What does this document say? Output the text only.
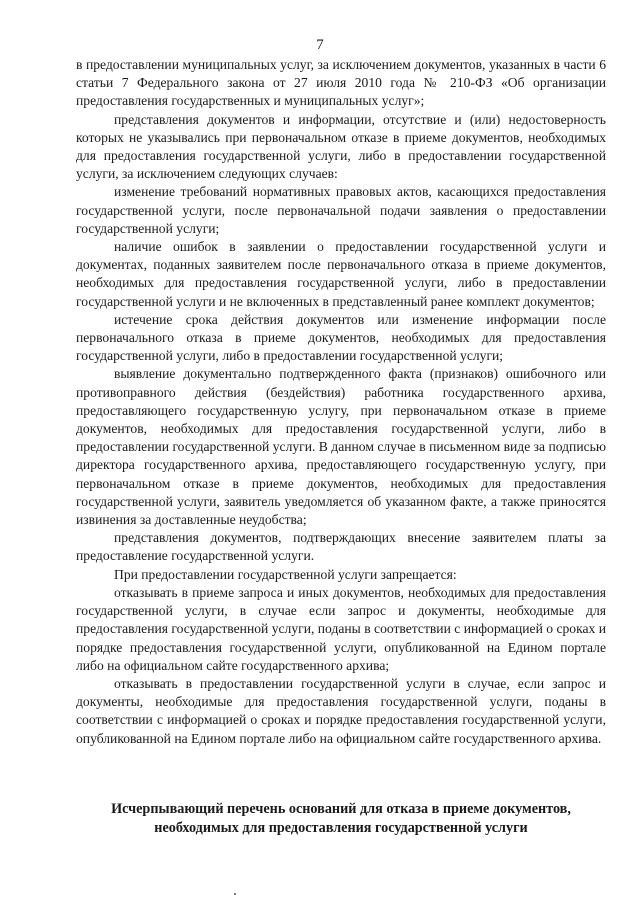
7

в предоставлении муниципальных услуг, за исключением документов, указанных в части 6 статьи 7 Федерального закона от 27 июля 2010 года № 210-ФЗ «Об организации предоставления государственных и муниципальных услуг»;

представления документов и информации, отсутствие и (или) недостоверность которых не указывались при первоначальном отказе в приеме документов, необходимых для предоставления государственной услуги, либо в предоставлении государственной услуги, за исключением следующих случаев:

изменение требований нормативных правовых актов, касающихся предоставления государственной услуги, после первоначальной подачи заявления о предоставлении государственной услуги;

наличие ошибок в заявлении о предоставлении государственной услуги и документах, поданных заявителем после первоначального отказа в приеме документов, необходимых для предоставления государственной услуги, либо в предоставлении государственной услуги и не включенных в представленный ранее комплект документов;

истечение срока действия документов или изменение информации после первоначального отказа в приеме документов, необходимых для предоставления государственной услуги, либо в предоставлении государственной услуги;

выявление документально подтвержденного факта (признаков) ошибочного или противоправного действия (бездействия) работника государственного архива, предоставляющего государственную услугу, при первоначальном отказе в приеме документов, необходимых для предоставления государственной услуги, либо в предоставлении государственной услуги. В данном случае в письменном виде за подписью директора государственного архива, предоставляющего государственную услугу, при первоначальном отказе в приеме документов, необходимых для предоставления государственной услуги, заявитель уведомляется об указанном факте, а также приносятся извинения за доставленные неудобства;

представления документов, подтверждающих внесение заявителем платы за предоставление государственной услуги.

При предоставлении государственной услуги запрещается:

отказывать в приеме запроса и иных документов, необходимых для предоставления государственной услуги, в случае если запрос и документы, необходимые для предоставления государственной услуги, поданы в соответствии с информацией о сроках и порядке предоставления государственной услуги, опубликованной на Едином портале либо на официальном сайте государственного архива;

отказывать в предоставлении государственной услуги в случае, если запрос и документы, необходимые для предоставления государственной услуги, поданы в соответствии с информацией о сроках и порядке предоставления государственной услуги, опубликованной на Едином портале либо на официальном сайте государственного архива.

Исчерпывающий перечень оснований для отказа в приеме документов,

необходимых для предоставления государственной услуги
